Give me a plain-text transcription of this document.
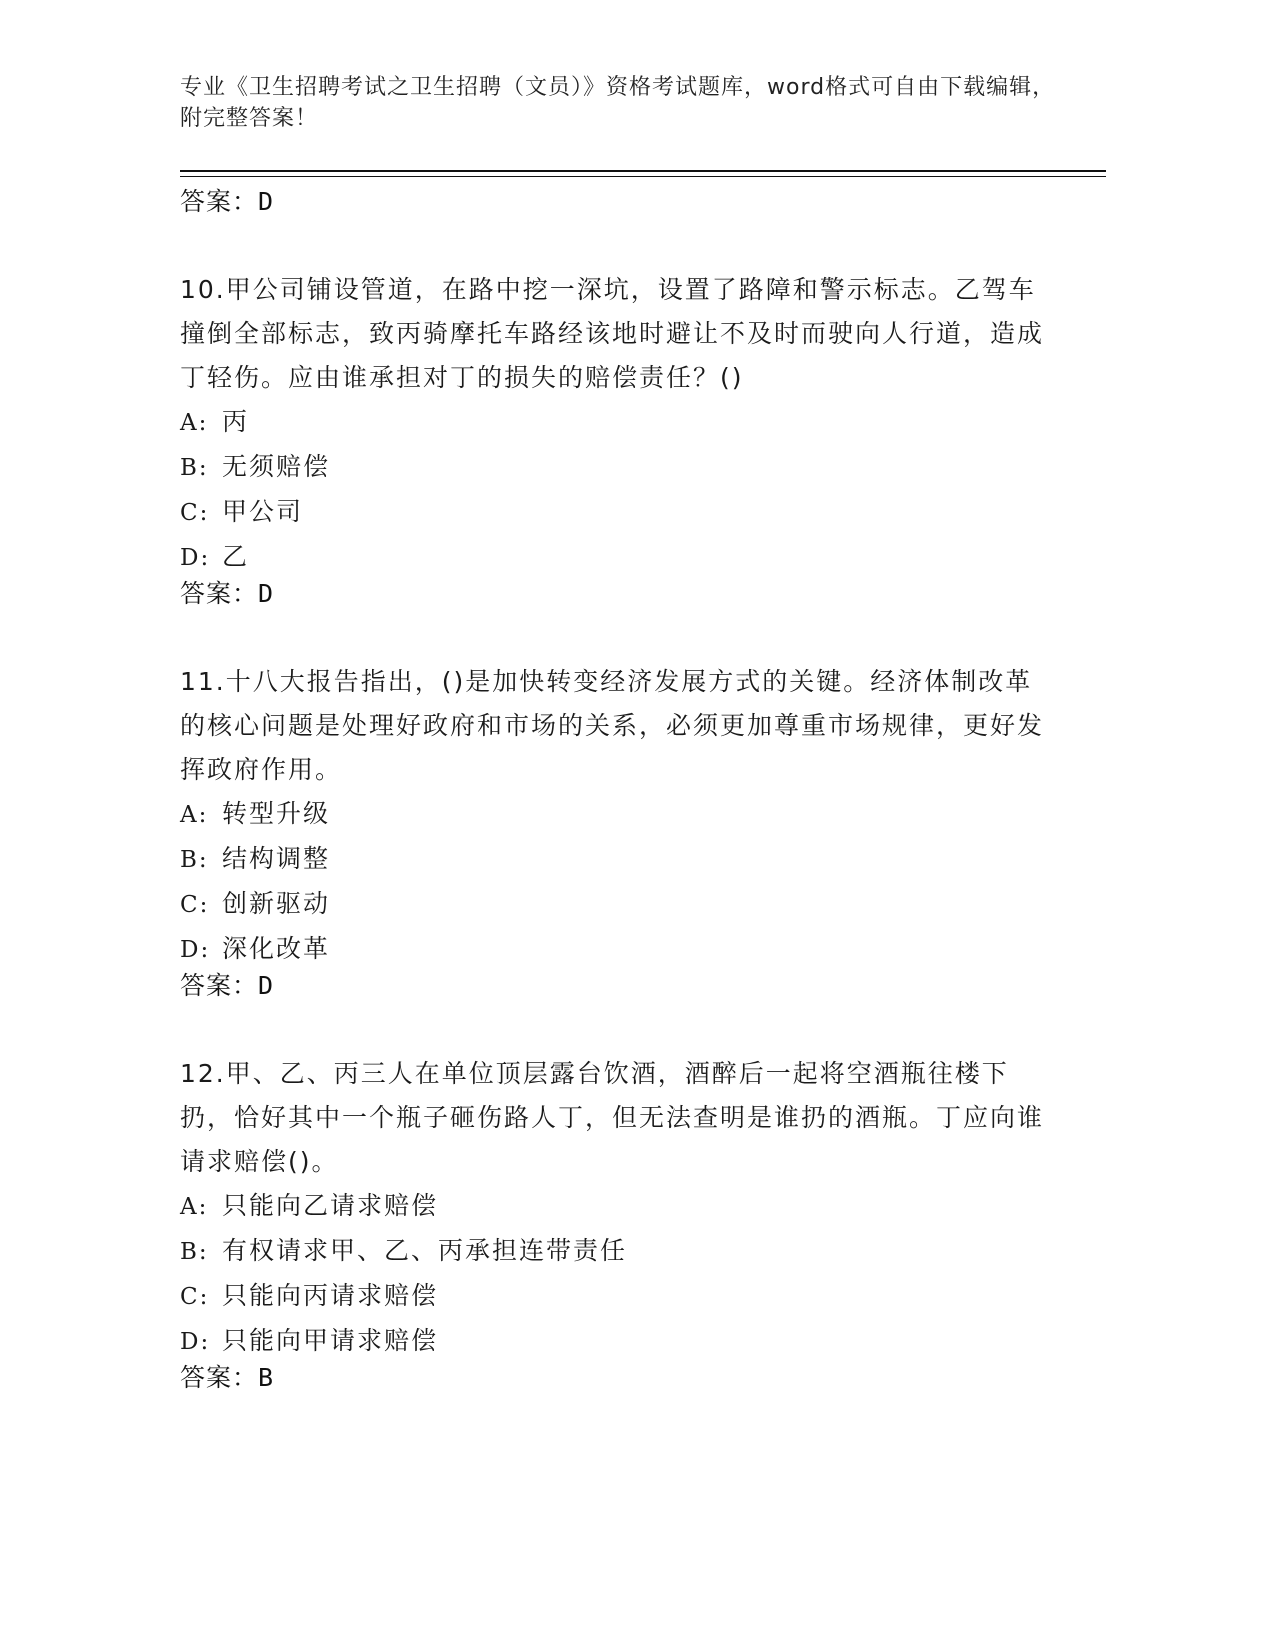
专业《卫生招聘考试之卫生招聘（文员）》资格考试题库，word格式可自由下载编辑，附完整答案！
答案：D
10.甲公司铺设管道，在路中挖一深坑，设置了路障和警示标志。乙驾车撞倒全部标志，致丙骑摩托车路经该地时避让不及时而驶向人行道，造成丁轻伤。应由谁承担对丁的损失的赔偿责任？()
A: 丙
B: 无须赔偿
C: 甲公司
D: 乙
答案：D
11.十八大报告指出，()是加快转变经济发展方式的关键。经济体制改革的核心问题是处理好政府和市场的关系，必须更加尊重市场规律，更好发挥政府作用。
A: 转型升级
B: 结构调整
C: 创新驱动
D: 深化改革
答案：D
12.甲、乙、丙三人在单位顶层露台饮酒，酒醉后一起将空酒瓶往楼下扔，恰好其中一个瓶子砸伤路人丁，但无法查明是谁扔的酒瓶。丁应向谁请求赔偿()。
A: 只能向乙请求赔偿
B: 有权请求甲、乙、丙承担连带责任
C: 只能向丙请求赔偿
D: 只能向甲请求赔偿
答案：B
